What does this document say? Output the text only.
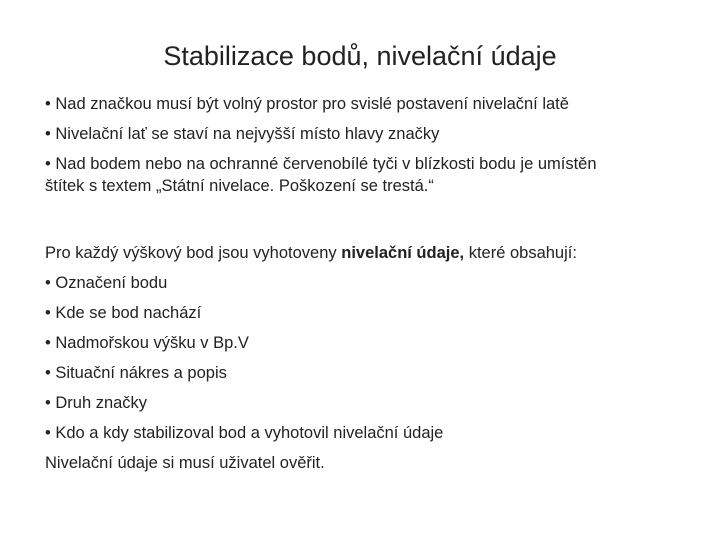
Stabilizace bodů, nivelační údaje
• Nad značkou musí být volný prostor pro svislé postavení nivelační latě
• Nivelační lať se staví na nejvyšší místo hlavy značky
• Nad bodem nebo na ochranné červenobílé tyči v blízkosti bodu je umístěn
štítek s textem „Státní nivelace. Poškození se trestá.“
Pro každý výškový bod jsou vyhotoveny nivelační údaje, které obsahují:
• Označení bodu
• Kde se bod nachází
• Nadmořskou výšku v Bp.V
• Situační nákres a popis
• Druh značky
• Kdo a kdy stabilizoval bod a vyhotovil nivelační údaje
Nivelační údaje si musí uživatel ověřit.
